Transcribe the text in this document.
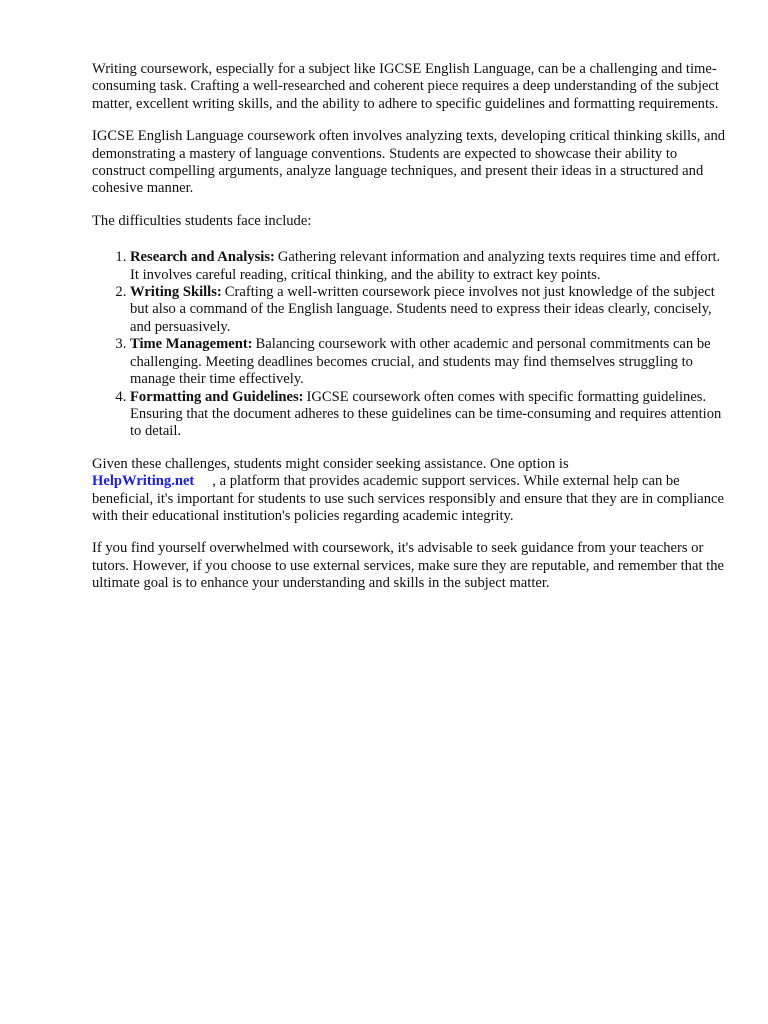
Writing coursework, especially for a subject like IGCSE English Language, can be a challenging and time-consuming task. Crafting a well-researched and coherent piece requires a deep understanding of the subject matter, excellent writing skills, and the ability to adhere to specific guidelines and formatting requirements.

IGCSE English Language coursework often involves analyzing texts, developing critical thinking skills, and demonstrating a mastery of language conventions. Students are expected to showcase their ability to construct compelling arguments, analyze language techniques, and present their ideas in a structured and cohesive manner.

The difficulties students face include:

1. Research and Analysis: Gathering relevant information and analyzing texts requires time and effort. It involves careful reading, critical thinking, and the ability to extract key points.
2. Writing Skills: Crafting a well-written coursework piece involves not just knowledge of the subject but also a command of the English language. Students need to express their ideas clearly, concisely, and persuasively.
3. Time Management: Balancing coursework with other academic and personal commitments can be challenging. Meeting deadlines becomes crucial, and students may find themselves struggling to manage their time effectively.
4. Formatting and Guidelines: IGCSE coursework often comes with specific formatting guidelines. Ensuring that the document adheres to these guidelines can be time-consuming and requires attention to detail.

Given these challenges, students might consider seeking assistance. One option is
HelpWriting.net , a platform that provides academic support services. While external help can be beneficial, it's important for students to use such services responsibly and ensure that they are in compliance with their educational institution's policies regarding academic integrity.

If you find yourself overwhelmed with coursework, it's advisable to seek guidance from your teachers or tutors. However, if you choose to use external services, make sure they are reputable, and remember that the ultimate goal is to enhance your understanding and skills in the subject matter.
